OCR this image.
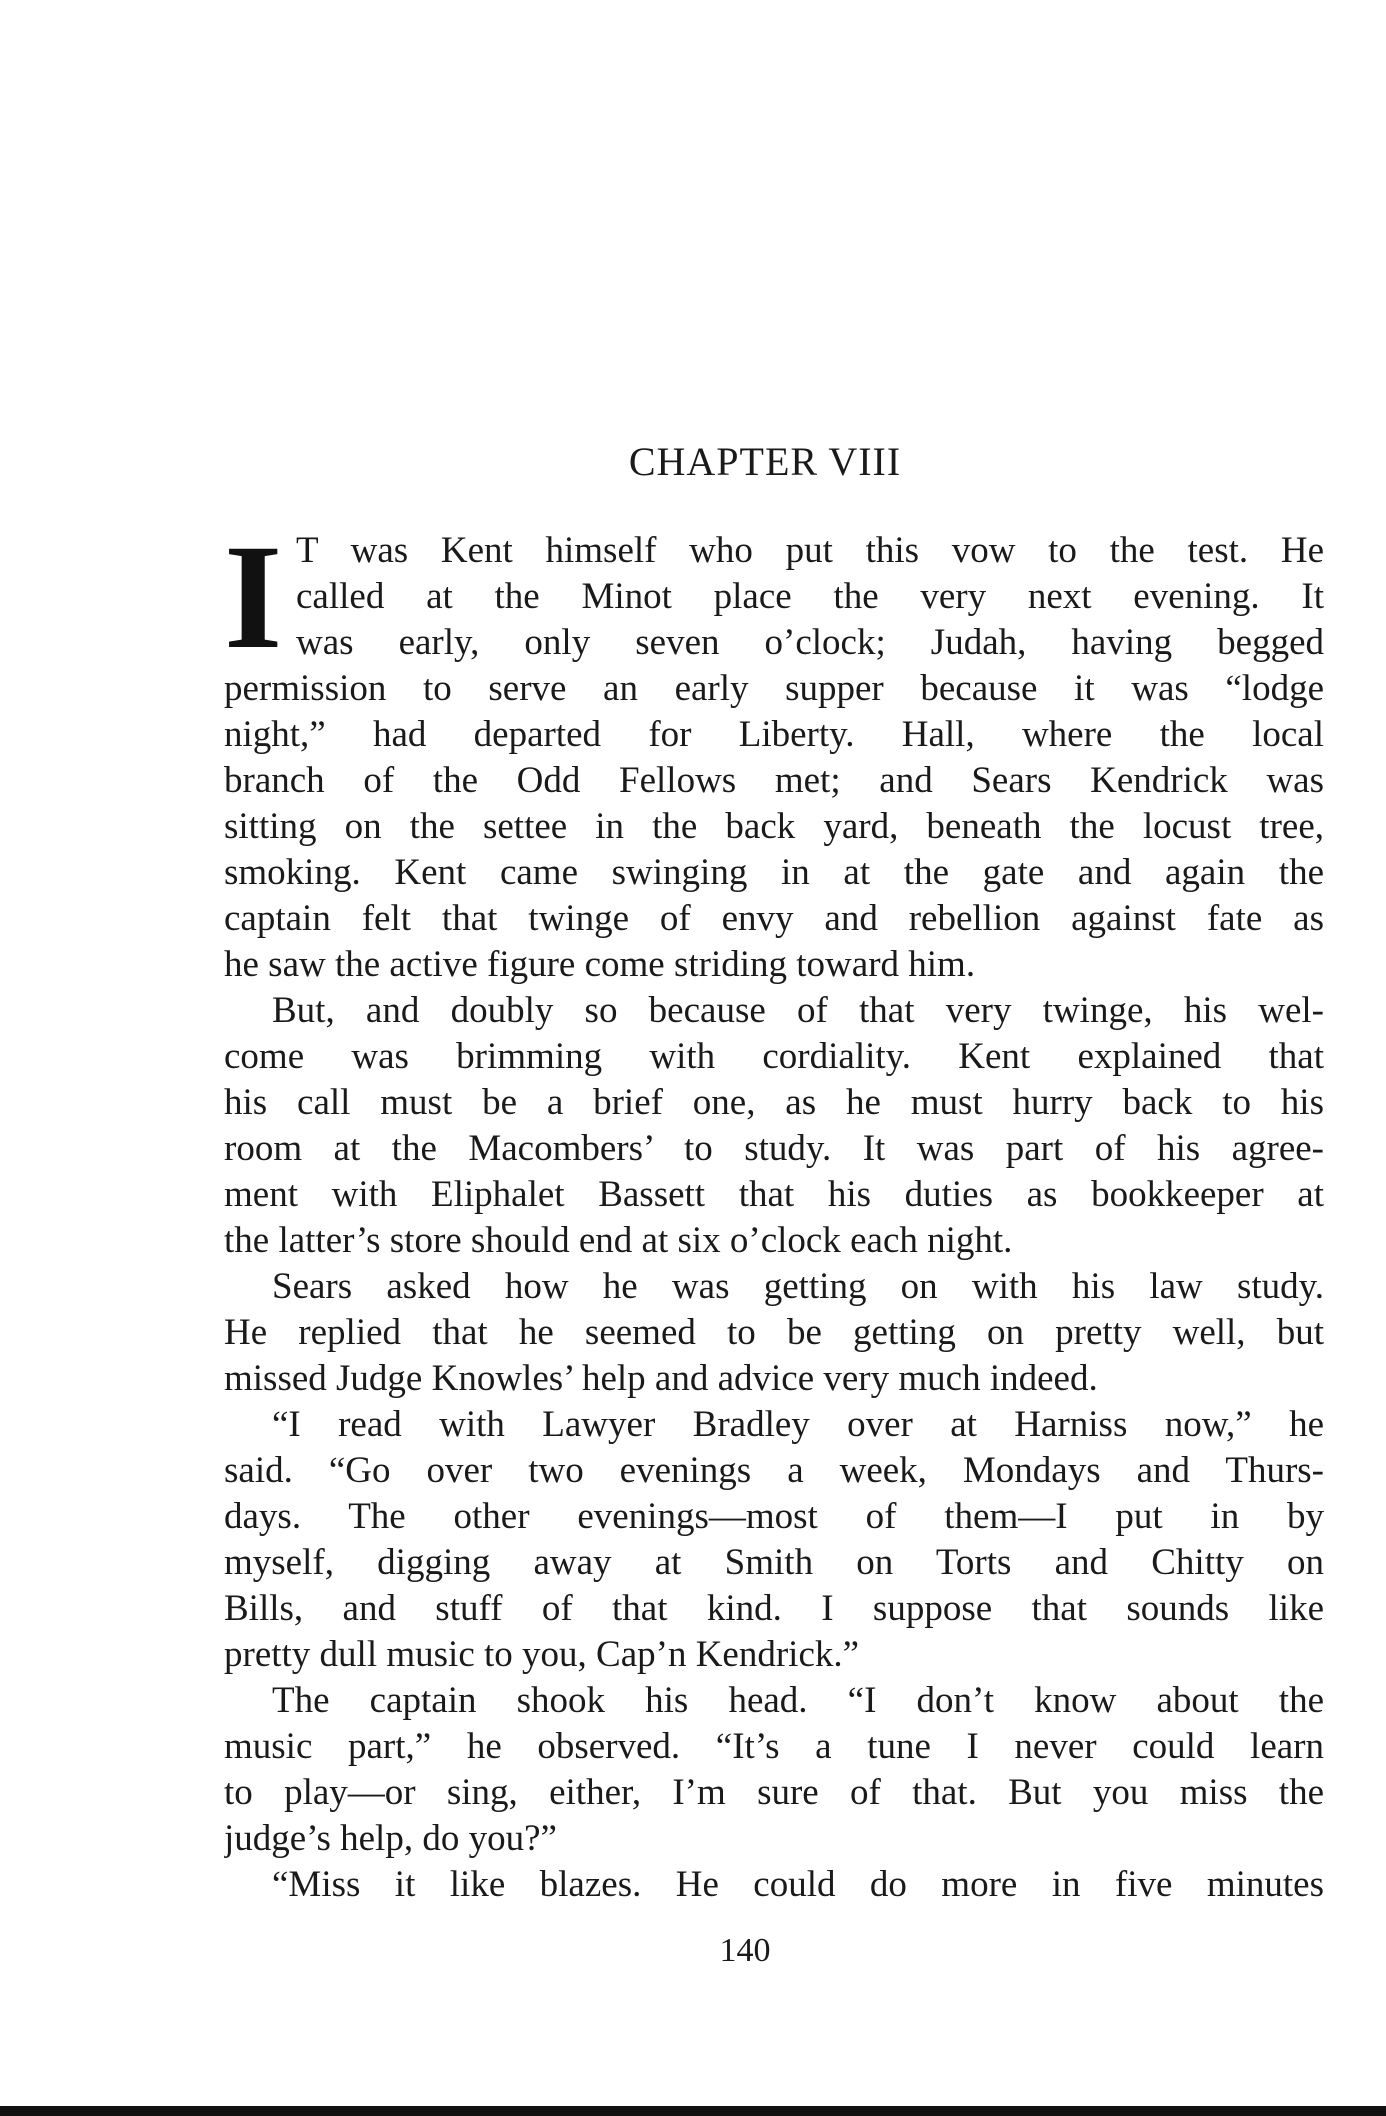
CHAPTER VIII
I T was Kent himself who put this vow to the test. He
called at the Minot place the very next evening. It
was early, only seven o’clock; Judah, having begged
permission to serve an early supper because it was “lodge
night,” had departed for Liberty. Hall, where the local
branch of the Odd Fellows met; and Sears Kendrick was
sitting on the settee in the back yard, beneath the locust tree,
smoking. Kent came swinging in at the gate and again the
captain felt that twinge of envy and rebellion against fate as
he saw the active figure come striding toward him.
But, and doubly so because of that very twinge, his wel-
come was brimming with cordiality. Kent explained that
his call must be a brief one, as he must hurry back to his
room at the Macombers’ to study. It was part of his agree-
ment with Eliphalet Bassett that his duties as bookkeeper at
the latter’s store should end at six o’clock each night.
Sears asked how he was getting on with his law study.
He replied that he seemed to be getting on pretty well, but
missed Judge Knowles’ help and advice very much indeed.
“I read with Lawyer Bradley over at Harniss now,” he
said. “Go over two evenings a week, Mondays and Thurs-
days. The other evenings—most of them—I put in by
myself, digging away at Smith on Torts and Chitty on
Bills, and stuff of that kind. I suppose that sounds like
pretty dull music to you, Cap’n Kendrick.”
The captain shook his head. “I don’t know about the
music part,” he observed. “It’s a tune I never could learn
to play—or sing, either, I’m sure of that. But you miss the
judge’s help, do you?”
“Miss it like blazes. He could do more in five minutes
140
